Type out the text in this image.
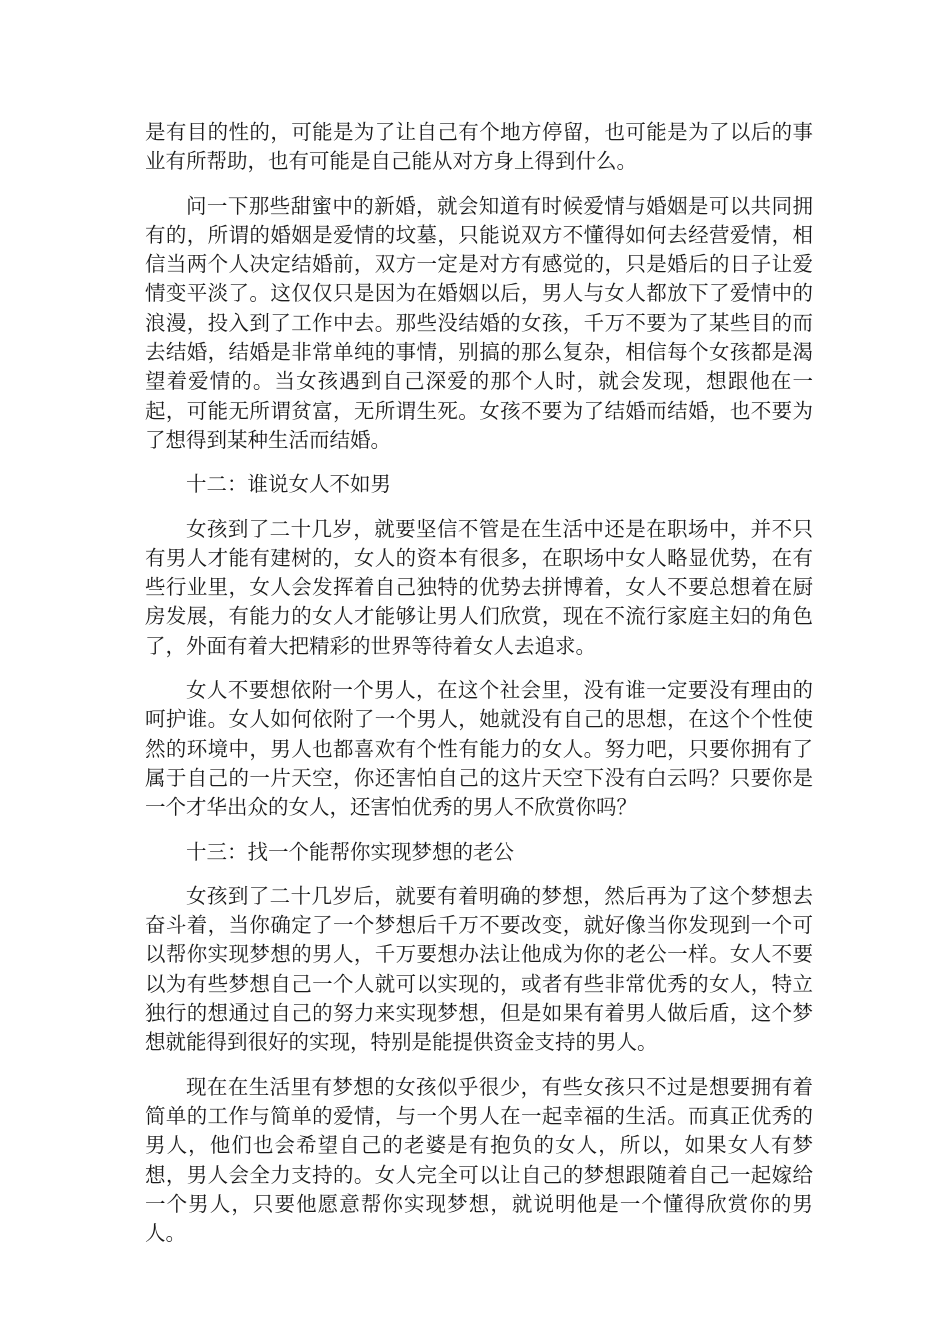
是有目的性的，可能是为了让自己有个地方停留，也可能是为了以后的事业有所帮助，也有可能是自己能从对方身上得到什么。

问一下那些甜蜜中的新婚，就会知道有时候爱情与婚姻是可以共同拥有的，所谓的婚姻是爱情的坟墓，只能说双方不懂得如何去经营爱情，相信当两个人决定结婚前，双方一定是对方有感觉的，只是婚后的日子让爱情变平淡了。这仅仅只是因为在婚姻以后，男人与女人都放下了爱情中的浪漫，投入到了工作中去。那些没结婚的女孩，千万不要为了某些目的而去结婚，结婚是非常单纯的事情，别搞的那么复杂，相信每个女孩都是渴望着爱情的。当女孩遇到自己深爱的那个人时，就会发现，想跟他在一起，可能无所谓贫富，无所谓生死。女孩不要为了结婚而结婚，也不要为了想得到某种生活而结婚。

十二：谁说女人不如男

女孩到了二十几岁，就要坚信不管是在生活中还是在职场中，并不只有男人才能有建树的，女人的资本有很多，在职场中女人略显优势，在有些行业里，女人会发挥着自己独特的优势去拼博着，女人不要总想着在厨房发展，有能力的女人才能够让男人们欣赏，现在不流行家庭主妇的角色了，外面有着大把精彩的世界等待着女人去追求。

女人不要想依附一个男人，在这个社会里，没有谁一定要没有理由的呵护谁。女人如何依附了一个男人，她就没有自己的思想，在这个个性使然的环境中，男人也都喜欢有个性有能力的女人。努力吧，只要你拥有了属于自己的一片天空，你还害怕自己的这片天空下没有白云吗？只要你是一个才华出众的女人，还害怕优秀的男人不欣赏你吗？

十三：找一个能帮你实现梦想的老公

女孩到了二十几岁后，就要有着明确的梦想，然后再为了这个梦想去奋斗着，当你确定了一个梦想后千万不要改变，就好像当你发现到一个可以帮你实现梦想的男人，千万要想办法让他成为你的老公一样。女人不要以为有些梦想自己一个人就可以实现的，或者有些非常优秀的女人，特立独行的想通过自己的努力来实现梦想，但是如果有着男人做后盾，这个梦想就能得到很好的实现，特别是能提供资金支持的男人。

现在在生活里有梦想的女孩似乎很少，有些女孩只不过是想要拥有着简单的工作与简单的爱情，与一个男人在一起幸福的生活。而真正优秀的男人，他们也会希望自己的老婆是有抱负的女人，所以，如果女人有梦想，男人会全力支持的。女人完全可以让自己的梦想跟随着自己一起嫁给一个男人，只要他愿意帮你实现梦想，就说明他是一个懂得欣赏你的男人。
